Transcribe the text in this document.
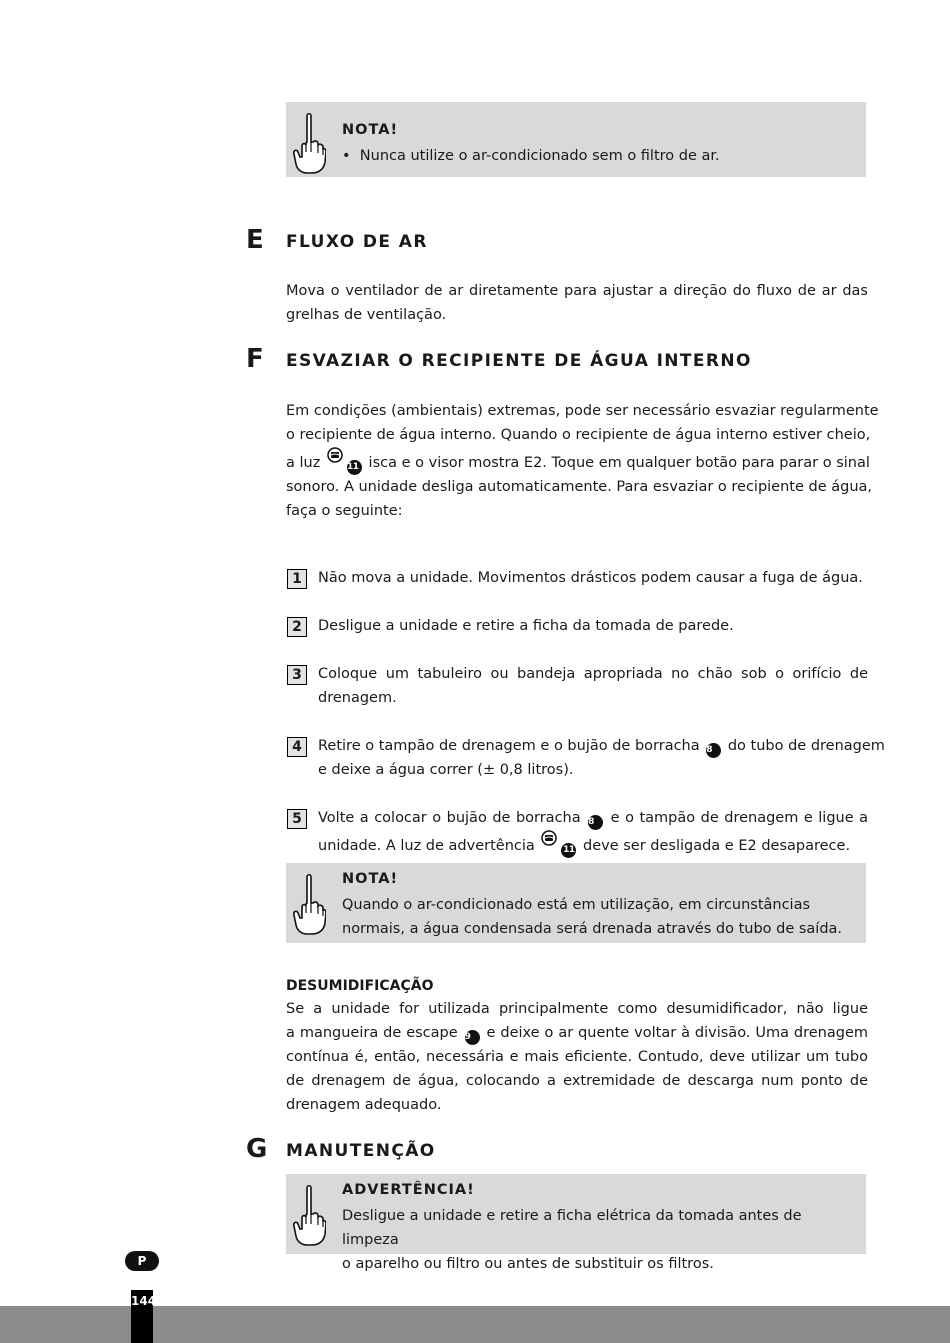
NOTA!
• Nunca utilize o ar-condicionado sem o filtro de ar.
E FLUXO DE AR
Mova o ventilador de ar diretamente para ajustar a direção do fluxo de ar das
grelhas de ventilação.
F ESVAZIAR O RECIPIENTE DE ÁGUA INTERNO
Em condições (ambientais) extremas, pode ser necessário esvaziar regularmente
o recipiente de água interno. Quando o recipiente de água interno estiver cheio,
a luz	11 isca e o visor mostra E2. Toque em qualquer botão para parar o sinal
sonoro. A unidade desliga automaticamente. Para esvaziar o recipiente de água,
faça o seguinte:
1	Não mova a unidade. Movimentos drásticos podem causar a fuga de água.
2	Desligue a unidade e retire a ficha da tomada de parede.
3	Coloque um tabuleiro ou bandeja apropriada no chão sob o orifício de
drenagem.
4	Retire o tampão de drenagem e o bujão de borracha 8 do tubo de drenagem
e deixe a água correr (± 0,8 litros).
5	Volte a colocar o bujão de borracha 8 e o tampão de drenagem e ligue a
unidade. A luz de advertência	11 deve ser desligada e E2 desaparece.
NOTA!
Quando o ar-condicionado está em utilização, em circunstâncias
normais, a água condensada será drenada através do tubo de saída.
DESUMIDIFICAÇÃO
Se a unidade for utilizada principalmente como desumidificador, não ligue
a mangueira de escape 9 e deixe o ar quente voltar à divisão. Uma drenagem
contínua é, então, necessária e mais eficiente. Contudo, deve utilizar um tubo
de drenagem de água, colocando a extremidade de descarga num ponto de
drenagem adequado.
G MANUTENÇÃO
ADVERTÊNCIA!
Desligue a unidade e retire a ficha elétrica da tomada antes de limpeza
o aparelho ou filtro ou antes de substituir os filtros.
P
144
